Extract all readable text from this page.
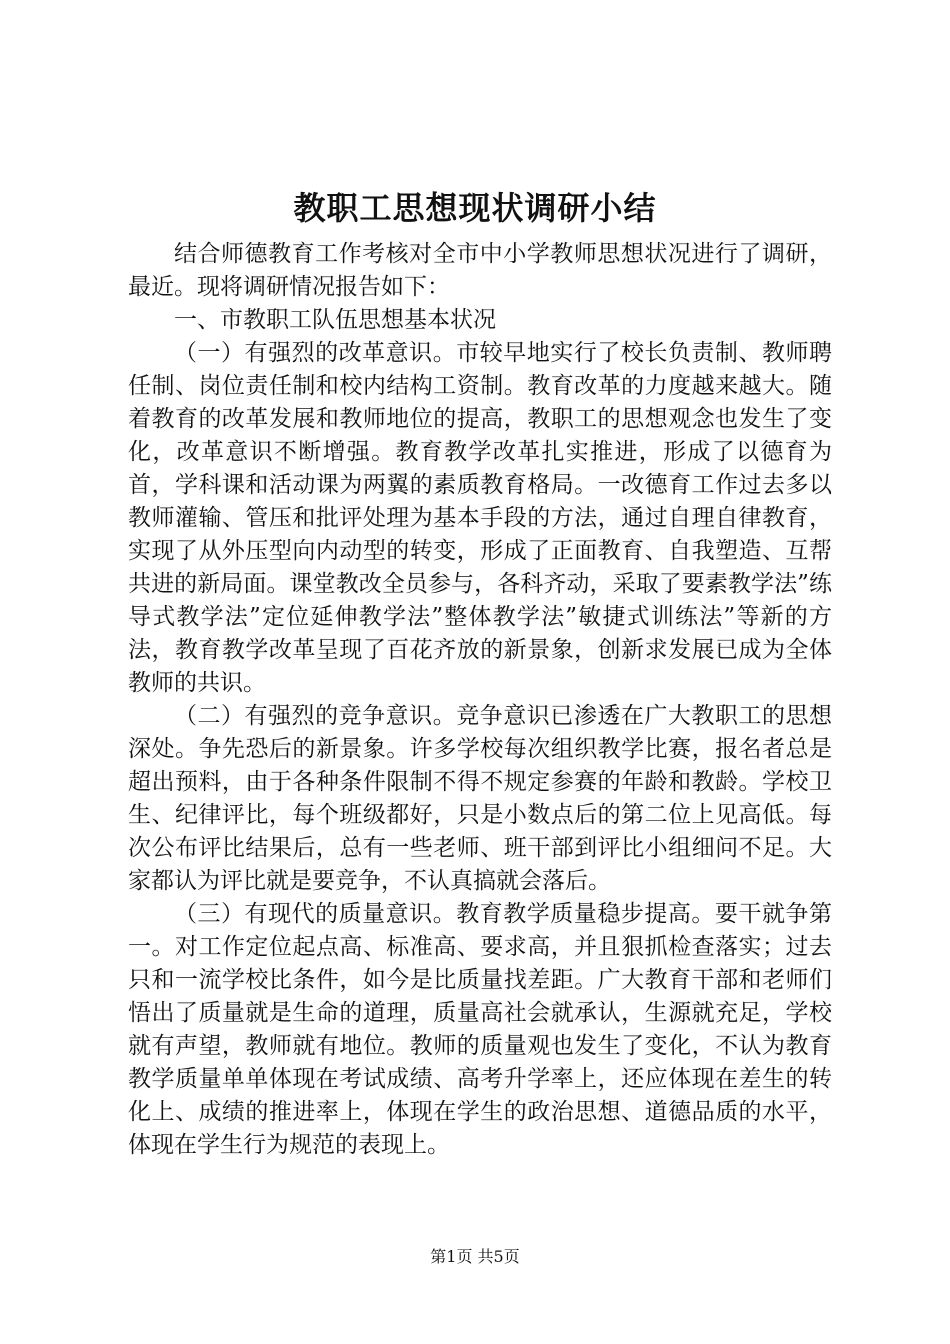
教职工思想现状调研小结

结合师德教育工作考核对全市中小学教师思想状况进行了调研，最近。现将调研情况报告如下：

一、市教职工队伍思想基本状况

（一）有强烈的改革意识。市较早地实行了校长负责制、教师聘任制、岗位责任制和校内结构工资制。教育改革的力度越来越大。随着教育的改革发展和教师地位的提高，教职工的思想观念也发生了变化，改革意识不断增强。教育教学改革扎实推进，形成了以德育为首，学科课和活动课为两翼的素质教育格局。一改德育工作过去多以教师灌输、管压和批评处理为基本手段的方法，通过自理自律教育，实现了从外压型向内动型的转变，形成了正面教育、自我塑造、互帮共进的新局面。课堂教改全员参与，各科齐动，采取了要素教学法”练导式教学法”定位延伸教学法”整体教学法”敏捷式训练法”等新的方法，教育教学改革呈现了百花齐放的新景象，创新求发展已成为全体教师的共识。

（二）有强烈的竞争意识。竞争意识已渗透在广大教职工的思想深处。争先恐后的新景象。许多学校每次组织教学比赛，报名者总是超出预料，由于各种条件限制不得不规定参赛的年龄和教龄。学校卫生、纪律评比，每个班级都好，只是小数点后的第二位上见高低。每次公布评比结果后，总有一些老师、班干部到评比小组细问不足。大家都认为评比就是要竞争，不认真搞就会落后。

（三）有现代的质量意识。教育教学质量稳步提高。要干就争第一。对工作定位起点高、标准高、要求高，并且狠抓检查落实；过去只和一流学校比条件，如今是比质量找差距。广大教育干部和老师们悟出了质量就是生命的道理，质量高社会就承认，生源就充足，学校就有声望，教师就有地位。教师的质量观也发生了变化，不认为教育教学质量单单体现在考试成绩、高考升学率上，还应体现在差生的转化上、成绩的推进率上，体现在学生的政治思想、道德品质的水平，体现在学生行为规范的表现上。

第1页 共5页
